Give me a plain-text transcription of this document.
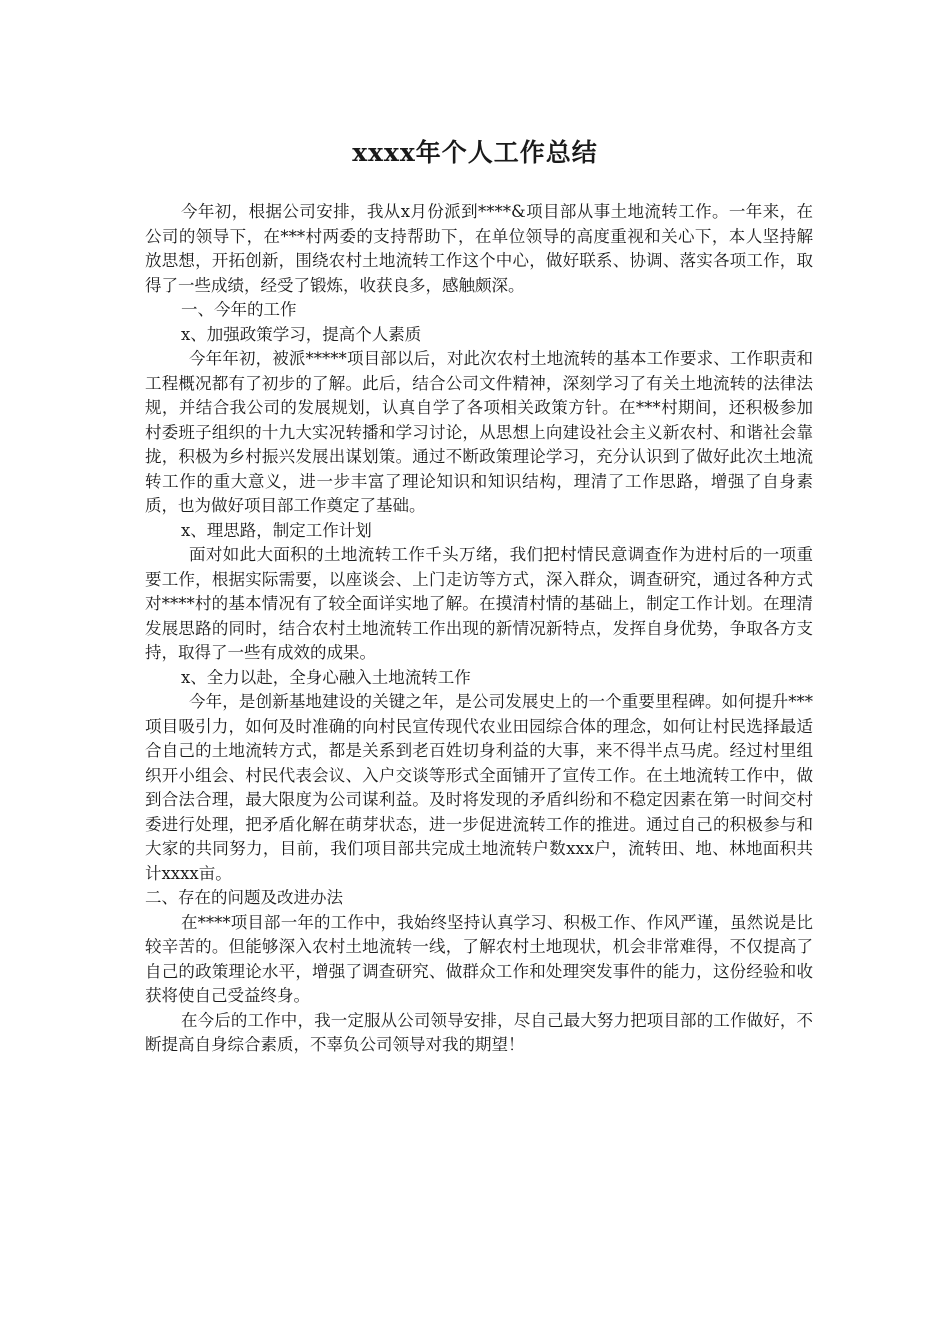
xxxx年个人工作总结

今年初，根据公司安排，我从x月份派到****&项目部从事土地流转工作。一年来，在公司的领导下，在***村两委的支持帮助下，在单位领导的高度重视和关心下，本人坚持解放思想，开拓创新，围绕农村土地流转工作这个中心，做好联系、协调、落实各项工作，取得了一些成绩，经受了锻炼，收获良多，感触颇深。

一、今年的工作

x、加强政策学习，提高个人素质

今年年初，被派*****项目部以后，对此次农村土地流转的基本工作要求、工作职责和工程概况都有了初步的了解。此后，结合公司文件精神，深刻学习了有关土地流转的法律法规，并结合我公司的发展规划，认真自学了各项相关政策方针。在***村期间，还积极参加村委班子组织的十九大实况转播和学习讨论，从思想上向建设社会主义新农村、和谐社会靠拢，积极为乡村振兴发展出谋划策。通过不断政策理论学习，充分认识到了做好此次土地流转工作的重大意义，进一步丰富了理论知识和知识结构，理清了工作思路，增强了自身素质，也为做好项目部工作奠定了基础。

x、理思路，制定工作计划

面对如此大面积的土地流转工作千头万绪，我们把村情民意调查作为进村后的一项重要工作，根据实际需要，以座谈会、上门走访等方式，深入群众，调查研究，通过各种方式对****村的基本情况有了较全面详实地了解。在摸清村情的基础上，制定工作计划。在理清发展思路的同时，结合农村土地流转工作出现的新情况新特点，发挥自身优势，争取各方支持，取得了一些有成效的成果。

x、全力以赴，全身心融入土地流转工作

今年，是创新基地建设的关键之年，是公司发展史上的一个重要里程碑。如何提升***项目吸引力，如何及时准确的向村民宣传现代农业田园综合体的理念，如何让村民选择最适合自己的土地流转方式，都是关系到老百姓切身利益的大事，来不得半点马虎。经过村里组织开小组会、村民代表会议、入户交谈等形式全面铺开了宣传工作。在土地流转工作中，做到合法合理，最大限度为公司谋利益。及时将发现的矛盾纠纷和不稳定因素在第一时间交村委进行处理，把矛盾化解在萌芽状态，进一步促进流转工作的推进。通过自己的积极参与和大家的共同努力，目前，我们项目部共完成土地流转户数xxx户，流转田、地、林地面积共计xxxx亩。

二、存在的问题及改进办法

在****项目部一年的工作中，我始终坚持认真学习、积极工作、作风严谨，虽然说是比较辛苦的。但能够深入农村土地流转一线，了解农村土地现状，机会非常难得，不仅提高了自己的政策理论水平，增强了调查研究、做群众工作和处理突发事件的能力，这份经验和收获将使自己受益终身。

在今后的工作中，我一定服从公司领导安排，尽自己最大努力把项目部的工作做好，不断提高自身综合素质，不辜负公司领导对我的期望！
